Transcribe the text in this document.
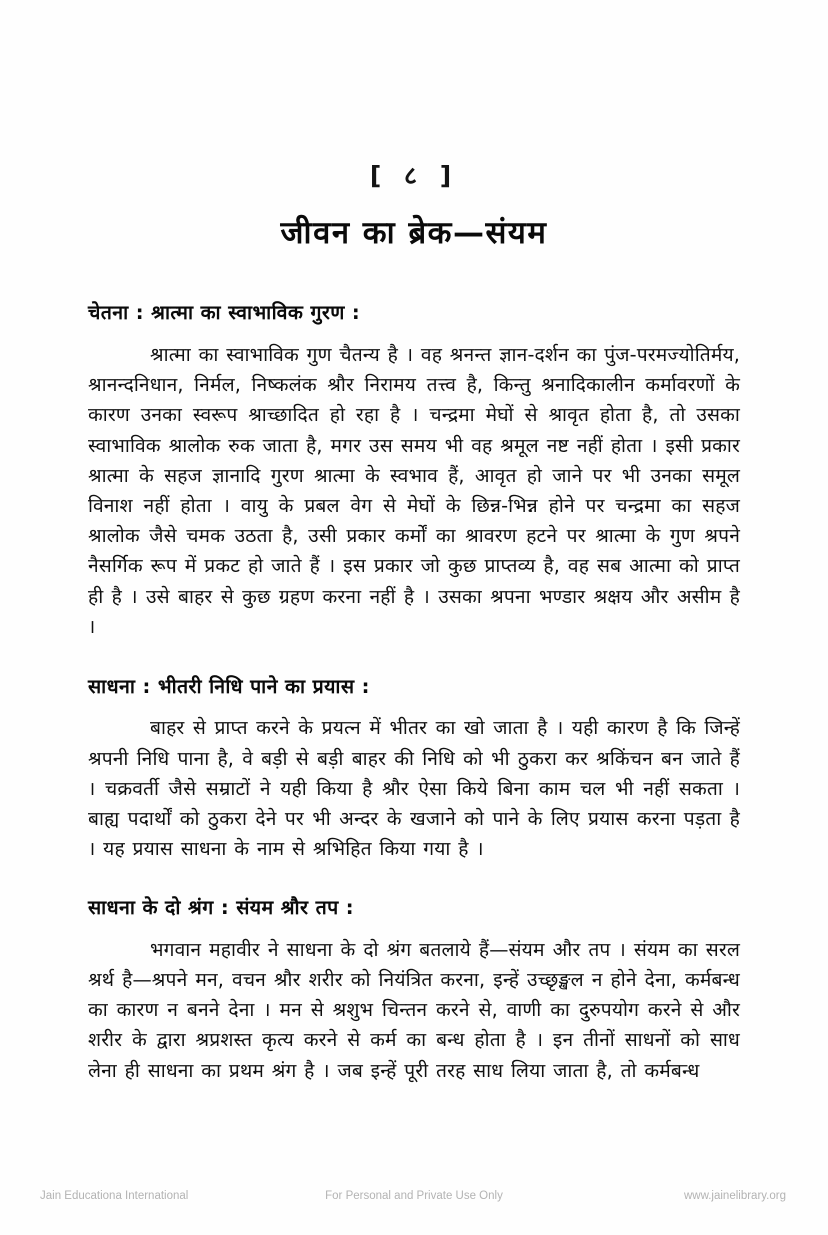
[ ८ ]
जीवन का ब्रेक—संयम
चेतना : श्रात्मा का स्वाभाविक गुरण :
श्रात्मा का स्वाभाविक गुण चैतन्य है । वह श्रनन्त ज्ञान-दर्शन का पुंज-परमज्योतिर्मय, श्रानन्दनिधान, निर्मल, निष्कलंक श्रौर निरामय तत्त्व है, किन्तु श्रनादिकालीन कर्मावरणों के कारण उनका स्वरूप श्राच्छादित हो रहा है । चन्द्रमा मेघों से श्रावृत होता है, तो उसका स्वाभाविक श्रालोक रुक जाता है, मगर उस समय भी वह श्रमूल नष्ट नहीं होता । इसी प्रकार श्रात्मा के सहज ज्ञानादि गुरण श्रात्मा के स्वभाव हैं, आवृत हो जाने पर भी उनका समूल विनाश नहीं होता । वायु के प्रबल वेग से मेघों के छिन्न-भिन्न होने पर चन्द्रमा का सहज श्रालोक जैसे चमक उठता है, उसी प्रकार कर्मों का श्रावरण हटने पर श्रात्मा के गुण श्रपने नैसर्गिक रूप में प्रकट हो जाते हैं । इस प्रकार जो कुछ प्राप्तव्य है, वह सब आत्मा को प्राप्त ही है । उसे बाहर से कुछ ग्रहण करना नहीं है । उसका श्रपना भण्डार श्रक्षय और असीम है ।
साधना : भीतरी निधि पाने का प्रयास :
बाहर से प्राप्त करने के प्रयत्न में भीतर का खो जाता है । यही कारण है कि जिन्हें श्रपनी निधि पाना है, वे बड़ी से बड़ी बाहर की निधि को भी ठुकरा कर श्रकिंचन बन जाते हैं । चक्रवर्ती जैसे सम्राटों ने यही किया है श्रौर ऐसा किये बिना काम चल भी नहीं सकता । बाह्य पदार्थों को ठुकरा देने पर भी अन्दर के खजाने को पाने के लिए प्रयास करना पड़ता है । यह प्रयास साधना के नाम से श्रभिहित किया गया है ।
साधना के दो श्रंग : संयम श्रौर तप :
भगवान महावीर ने साधना के दो श्रंग बतलाये हैं—संयम और तप । संयम का सरल श्रर्थ है—श्रपने मन, वचन श्रौर शरीर को नियंत्रित करना, इन्हें उच्छृङ्खल न होने देना, कर्मबन्ध का कारण न बनने देना । मन से श्रशुभ चिन्तन करने से, वाणी का दुरुपयोग करने से और शरीर के द्वारा श्रप्रशस्त कृत्य करने से कर्म का बन्ध होता है । इन तीनों साधनों को साध लेना ही साधना का प्रथम श्रंग है । जब इन्हें पूरी तरह साध लिया जाता है, तो कर्मबन्ध
Jain Educationa International	For Personal and Private Use Only	www.jainelibrary.org
